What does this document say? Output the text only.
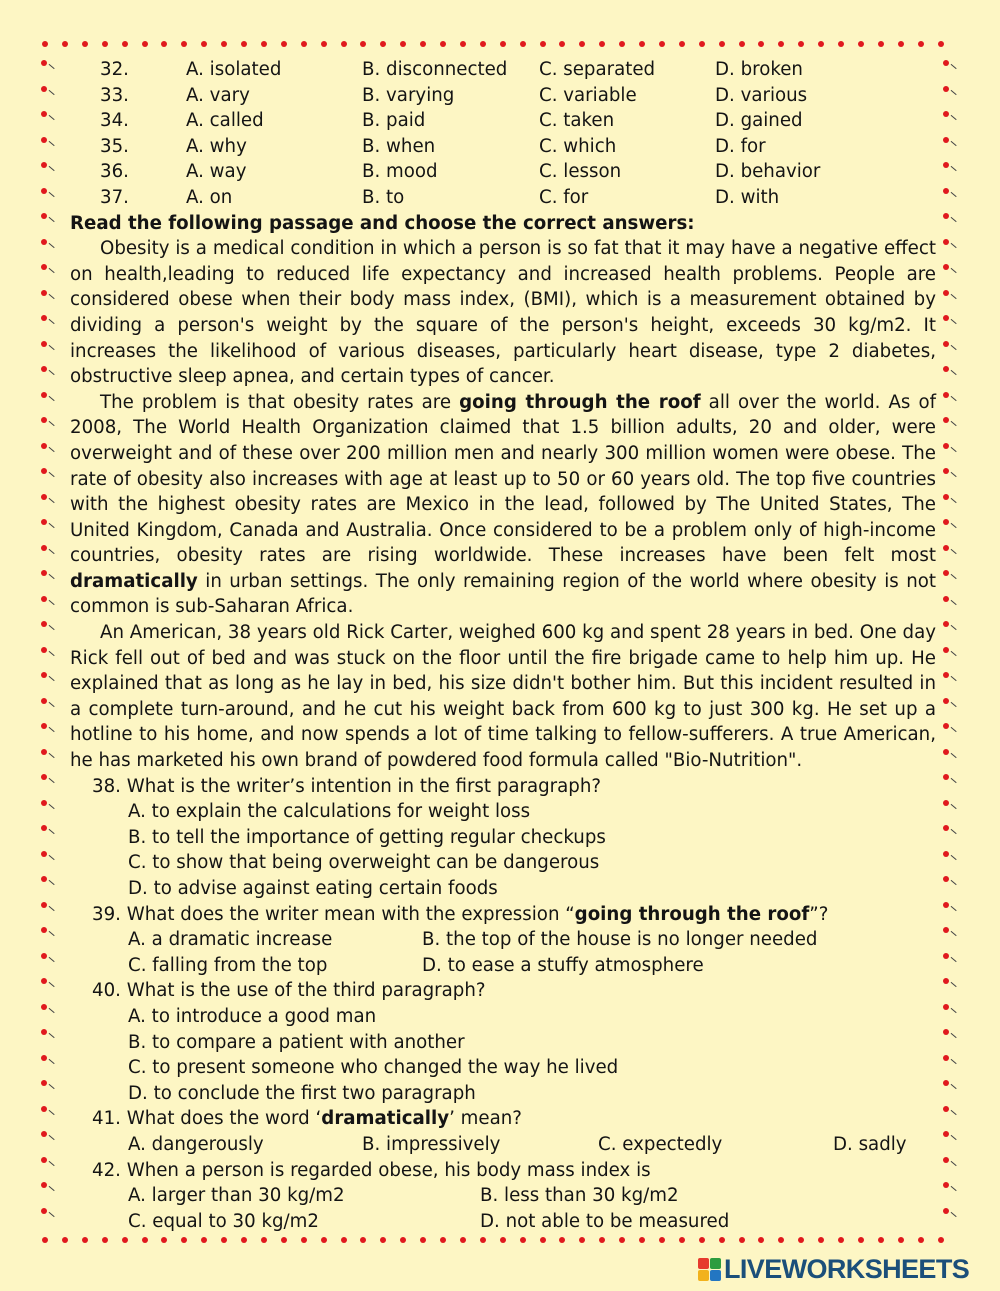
32.	A. isolated	B. disconnected C. separated	D. broken
33.	A. vary	B. varying	C. variable	D. various
34.	A. called	B. paid	C. taken	D. gained
35.	A. why	B. when	C. which	D. for
36.	A. way	B. mood	C. lesson	D. behavior
37.	A. on	B. to	C. for	D. with
Read the following passage and choose the correct answers:

Obesity is a medical condition in which a person is so fat that it may have a negative effect on health,leading to reduced life expectancy and increased health problems. People are considered obese when their body mass index, (BMI), which is a measurement obtained by dividing a person's weight by the square of the person's height, exceeds 30 kg/m2. It increases the likelihood of various diseases, particularly heart disease, type 2 diabetes, obstructive sleep apnea, and certain types of cancer.

The problem is that obesity rates are going through the roof all over the world. As of 2008, The World Health Organization claimed that 1.5 billion adults, 20 and older, were overweight and of these over 200 million men and nearly 300 million women were obese. The rate of obesity also increases with age at least up to 50 or 60 years old. The top five countries with the highest obesity rates are Mexico in the lead, followed by The United States, The United Kingdom, Canada and Australia. Once considered to be a problem only of high-income countries, obesity rates are rising worldwide. These increases have been felt most dramatically in urban settings. The only remaining region of the world where obesity is not common is sub-Saharan Africa.

An American, 38 years old Rick Carter, weighed 600 kg and spent 28 years in bed. One day Rick fell out of bed and was stuck on the floor until the fire brigade came to help him up. He explained that as long as he lay in bed, his size didn't bother him. But this incident resulted in a complete turn-around, and he cut his weight back from 600 kg to just 300 kg. He set up a hotline to his home, and now spends a lot of time talking to fellow-sufferers. A true American, he has marketed his own brand of powdered food formula called "Bio-Nutrition".

38. What is the writer’s intention in the first paragraph?
A. to explain the calculations for weight loss
B. to tell the importance of getting regular checkups
C. to show that being overweight can be dangerous
D. to advise against eating certain foods
39. What does the writer mean with the expression “going through the roof”?
A. a dramatic increase	B. the top of the house is no longer needed
C. falling from the top	D. to ease a stuffy atmosphere
40. What is the use of the third paragraph?
A. to introduce a good man
B. to compare a patient with another
C. to present someone who changed the way he lived
D. to conclude the first two paragraph
41. What does the word ‘dramatically’ mean?
A. dangerously	B. impressively	C. expectedly	D. sadly
42. When a person is regarded obese, his body mass index is
A. larger than 30 kg/m2	B. less than 30 kg/m2
C. equal to 30 kg/m2	D. not able to be measured
LIVEWORKSHEETS
